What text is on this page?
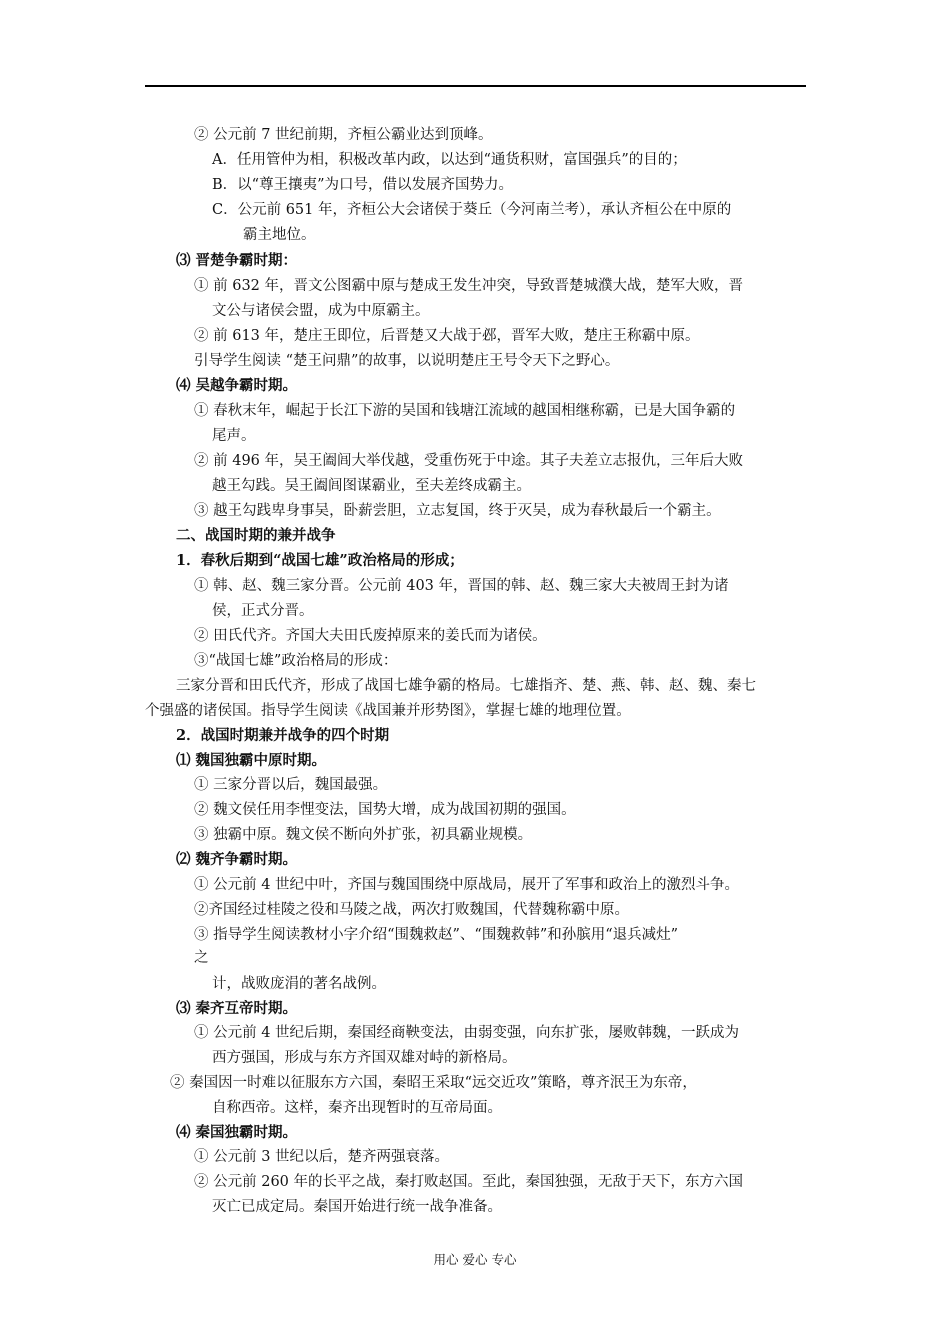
② 公元前 7 世纪前期，齐桓公霸业达到顶峰。
A．任用管仲为相，积极改革内政，以达到“通货积财，富国强兵”的目的；
B．以“尊王攘夷”为口号，借以发展齐国势力。
C．公元前 651 年，齐桓公大会诸侯于葵丘（今河南兰考），承认齐桓公在中原的
霸主地位。
⑶ 晋楚争霸时期：
① 前 632 年，晋文公图霸中原与楚成王发生冲突，导致晋楚城濮大战，楚军大败，晋
文公与诸侯会盟，成为中原霸主。
② 前 613 年，楚庄王即位，后晋楚又大战于邲，晋军大败，楚庄王称霸中原。
引导学生阅读 “楚王问鼎”的故事，以说明楚庄王号令天下之野心。
⑷ 吴越争霸时期。
① 春秋末年，崛起于长江下游的吴国和钱塘江流域的越国相继称霸，已是大国争霸的
尾声。
② 前 496 年，吴王阖闾大举伐越，受重伤死于中途。其子夫差立志报仇，三年后大败
越王勾践。吴王阖闾图谋霸业，至夫差终成霸主。
③ 越王勾践卑身事吴，卧薪尝胆，立志复国，终于灭吴，成为春秋最后一个霸主。
二、战国时期的兼并战争
1．春秋后期到“战国七雄”政治格局的形成；
① 韩、赵、魏三家分晋。公元前 403 年，晋国的韩、赵、魏三家大夫被周王封为诸
侯，正式分晋。
② 田氏代齐。齐国大夫田氏废掉原来的姜氏而为诸侯。
③“战国七雄”政治格局的形成：
三家分晋和田氏代齐，形成了战国七雄争霸的格局。七雄指齐、楚、燕、韩、赵、魏、秦七
个强盛的诸侯国。指导学生阅读《战国兼并形势图》，掌握七雄的地理位置。
2．战国时期兼并战争的四个时期
⑴ 魏国独霸中原时期。
① 三家分晋以后，魏国最强。
② 魏文侯任用李悝变法，国势大增，成为战国初期的强国。
③ 独霸中原。魏文侯不断向外扩张，初具霸业规模。
⑵ 魏齐争霸时期。
① 公元前 4 世纪中叶，齐国与魏国围绕中原战局，展开了军事和政治上的激烈斗争。
②齐国经过桂陵之役和马陵之战，两次打败魏国，代替魏称霸中原。
③ 指导学生阅读教材小字介绍“围魏救赵”、“围魏救韩”和孙膑用“退兵减灶”
之
计，战败庞涓的著名战例。
⑶ 秦齐互帝时期。
① 公元前 4 世纪后期，秦国经商鞅变法，由弱变强，向东扩张，屡败韩魏，一跃成为
西方强国，形成与东方齐国双雄对峙的新格局。
② 秦国因一时难以征服东方六国，秦昭王采取“远交近攻”策略，尊齐泯王为东帝，
自称西帝。这样，秦齐出现暂时的互帝局面。
⑷ 秦国独霸时期。
① 公元前 3 世纪以后，楚齐两强衰落。
② 公元前 260 年的长平之战，秦打败赵国。至此，秦国独强，无敌于天下，东方六国
灭亡已成定局。秦国开始进行统一战争准备。
用心 爱心 专心
